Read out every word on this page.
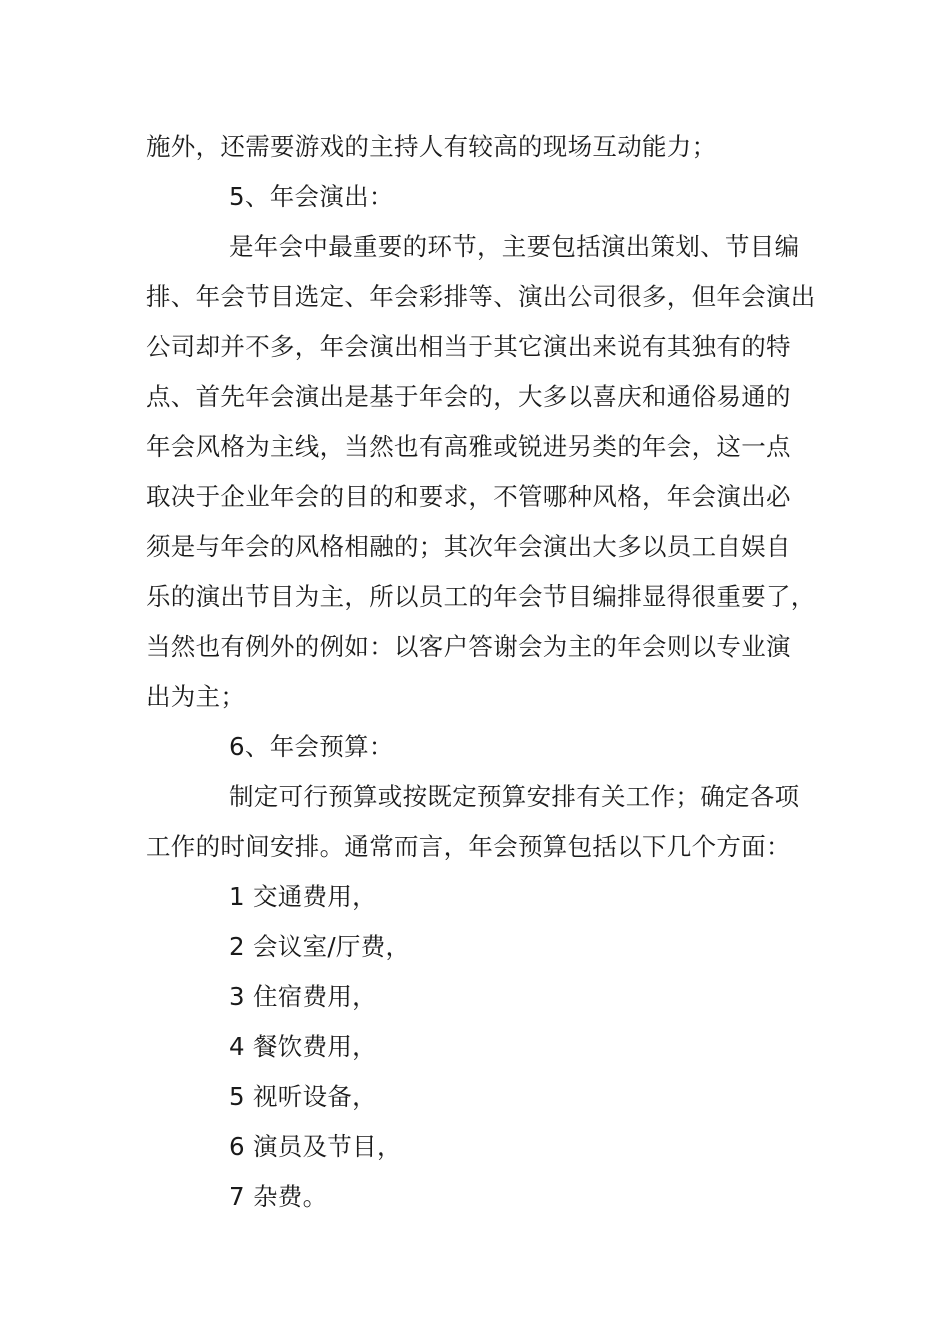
施外，还需要游戏的主持人有较高的现场互动能力；
5、年会演出：
是年会中最重要的环节，主要包括演出策划、节目编
排、年会节目选定、年会彩排等、演出公司很多，但年会演出
公司却并不多，年会演出相当于其它演出来说有其独有的特
点、首先年会演出是基于年会的，大多以喜庆和通俗易通的
年会风格为主线，当然也有高雅或锐进另类的年会，这一点
取决于企业年会的目的和要求，不管哪种风格，年会演出必
须是与年会的风格相融的；其次年会演出大多以员工自娱自
乐的演出节目为主，所以员工的年会节目编排显得很重要了，
当然也有例外的例如：以客户答谢会为主的年会则以专业演
出为主；
6、年会预算：
制定可行预算或按既定预算安排有关工作；确定各项
工作的时间安排。通常而言，年会预算包括以下几个方面：
1 交通费用，
2 会议室/厅费，
3 住宿费用，
4 餐饮费用，
5 视听设备，
6 演员及节目，
7 杂费。
